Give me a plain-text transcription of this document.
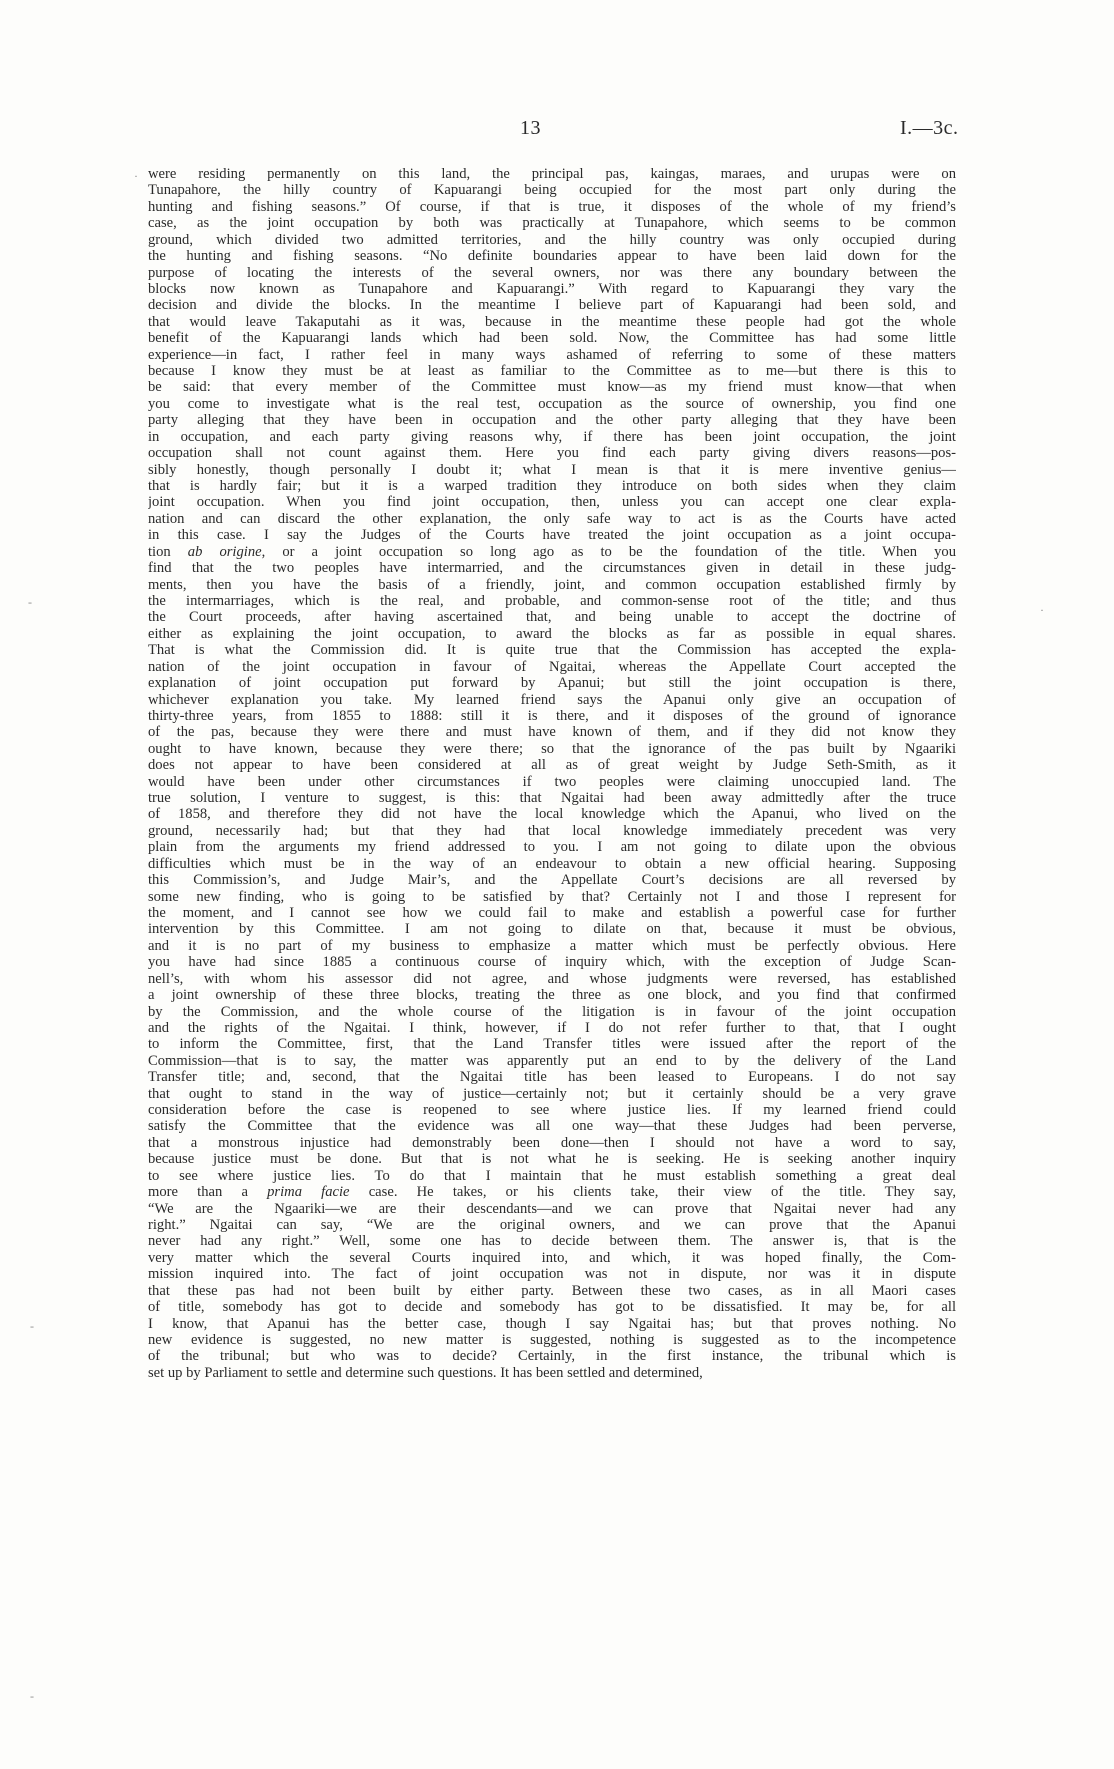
13	I.—3c.
·
-
·
-
-
were residing permanently on this land, the principal pas, kaingas, maraes, and urupas were on
Tunapahore, the hilly country of Kapuarangi being occupied for the most part only during the
hunting and fishing seasons.” Of course, if that is true, it disposes of the whole of my friend’s
case, as the joint occupation by both was practically at Tunapahore, which seems to be common
ground, which divided two admitted territories, and the hilly country was only occupied during
the hunting and fishing seasons. “No definite boundaries appear to have been laid down for the
purpose of locating the interests of the several owners, nor was there any boundary between the
blocks now known as Tunapahore and Kapuarangi.” With regard to Kapuarangi they vary the
decision and divide the blocks. In the meantime I believe part of Kapuarangi had been sold, and
that would leave Takaputahi as it was, because in the meantime these people had got the whole
benefit of the Kapuarangi lands which had been sold. Now, the Committee has had some little
experience—in fact, I rather feel in many ways ashamed of referring to some of these matters
because I know they must be at least as familiar to the Committee as to me—but there is this to
be said: that every member of the Committee must know—as my friend must know—that when
you come to investigate what is the real test, occupation as the source of ownership, you find one
party alleging that they have been in occupation and the other party alleging that they have been
in occupation, and each party giving reasons why, if there has been joint occupation, the joint
occupation shall not count against them. Here you find each party giving divers reasons—pos-
sibly honestly, though personally I doubt it; what I mean is that it is mere inventive genius—
that is hardly fair; but it is a warped tradition they introduce on both sides when they claim
joint occupation. When you find joint occupation, then, unless you can accept one clear expla-
nation and can discard the other explanation, the only safe way to act is as the Courts have acted
in this case. I say the Judges of the Courts have treated the joint occupation as a joint occupa-
tion ab origine, or a joint occupation so long ago as to be the foundation of the title. When you
find that the two peoples have intermarried, and the circumstances given in detail in these judg-
ments, then you have the basis of a friendly, joint, and common occupation established firmly by
the intermarriages, which is the real, and probable, and common-sense root of the title; and thus
the Court proceeds, after having ascertained that, and being unable to accept the doctrine of
either as explaining the joint occupation, to award the blocks as far as possible in equal shares.
That is what the Commission did. It is quite true that the Commission has accepted the expla-
nation of the joint occupation in favour of Ngaitai, whereas the Appellate Court accepted the
explanation of joint occupation put forward by Apanui; but still the joint occupation is there,
whichever explanation you take. My learned friend says the Apanui only give an occupation of
thirty-three years, from 1855 to 1888: still it is there, and it disposes of the ground of ignorance
of the pas, because they were there and must have known of them, and if they did not know they
ought to have known, because they were there; so that the ignorance of the pas built by Ngaariki
does not appear to have been considered at all as of great weight by Judge Seth-Smith, as it
would have been under other circumstances if two peoples were claiming unoccupied land. The
true solution, I venture to suggest, is this: that Ngaitai had been away admittedly after the truce
of 1858, and therefore they did not have the local knowledge which the Apanui, who lived on the
ground, necessarily had; but that they had that local knowledge immediately precedent was very
plain from the arguments my friend addressed to you. I am not going to dilate upon the obvious
difficulties which must be in the way of an endeavour to obtain a new official hearing. Supposing
this Commission’s, and Judge Mair’s, and the Appellate Court’s decisions are all reversed by
some new finding, who is going to be satisfied by that? Certainly not I and those I represent for
the moment, and I cannot see how we could fail to make and establish a powerful case for further
intervention by this Committee. I am not going to dilate on that, because it must be obvious,
and it is no part of my business to emphasize a matter which must be perfectly obvious. Here
you have had since 1885 a continuous course of inquiry which, with the exception of Judge Scan-
nell’s, with whom his assessor did not agree, and whose judgments were reversed, has established
a joint ownership of these three blocks, treating the three as one block, and you find that confirmed
by the Commission, and the whole course of the litigation is in favour of the joint occupation
and the rights of the Ngaitai. I think, however, if I do not refer further to that, that I ought
to inform the Committee, first, that the Land Transfer titles were issued after the report of the
Commission—that is to say, the matter was apparently put an end to by the delivery of the Land
Transfer title; and, second, that the Ngaitai title has been leased to Europeans. I do not say
that ought to stand in the way of justice—certainly not; but it certainly should be a very grave
consideration before the case is reopened to see where justice lies. If my learned friend could
satisfy the Committee that the evidence was all one way—that these Judges had been perverse,
that a monstrous injustice had demonstrably been done—then I should not have a word to say,
because justice must be done. But that is not what he is seeking. He is seeking another inquiry
to see where justice lies. To do that I maintain that he must establish something a great deal
more than a prima facie case. He takes, or his clients take, their view of the title. They say,
“We are the Ngaariki—we are their descendants—and we can prove that Ngaitai never had any
right.” Ngaitai can say, “We are the original owners, and we can prove that the Apanui
never had any right.” Well, some one has to decide between them. The answer is, that is the
very matter which the several Courts inquired into, and which, it was hoped finally, the Com-
mission inquired into. The fact of joint occupation was not in dispute, nor was it in dispute
that these pas had not been built by either party. Between these two cases, as in all Maori cases
of title, somebody has got to decide and somebody has got to be dissatisfied. It may be, for all
I know, that Apanui has the better case, though I say Ngaitai has; but that proves nothing. No
new evidence is suggested, no new matter is suggested, nothing is suggested as to the incompetence
of the tribunal; but who was to decide? Certainly, in the first instance, the tribunal which is
set up by Parliament to settle and determine such questions. It has been settled and determined,
